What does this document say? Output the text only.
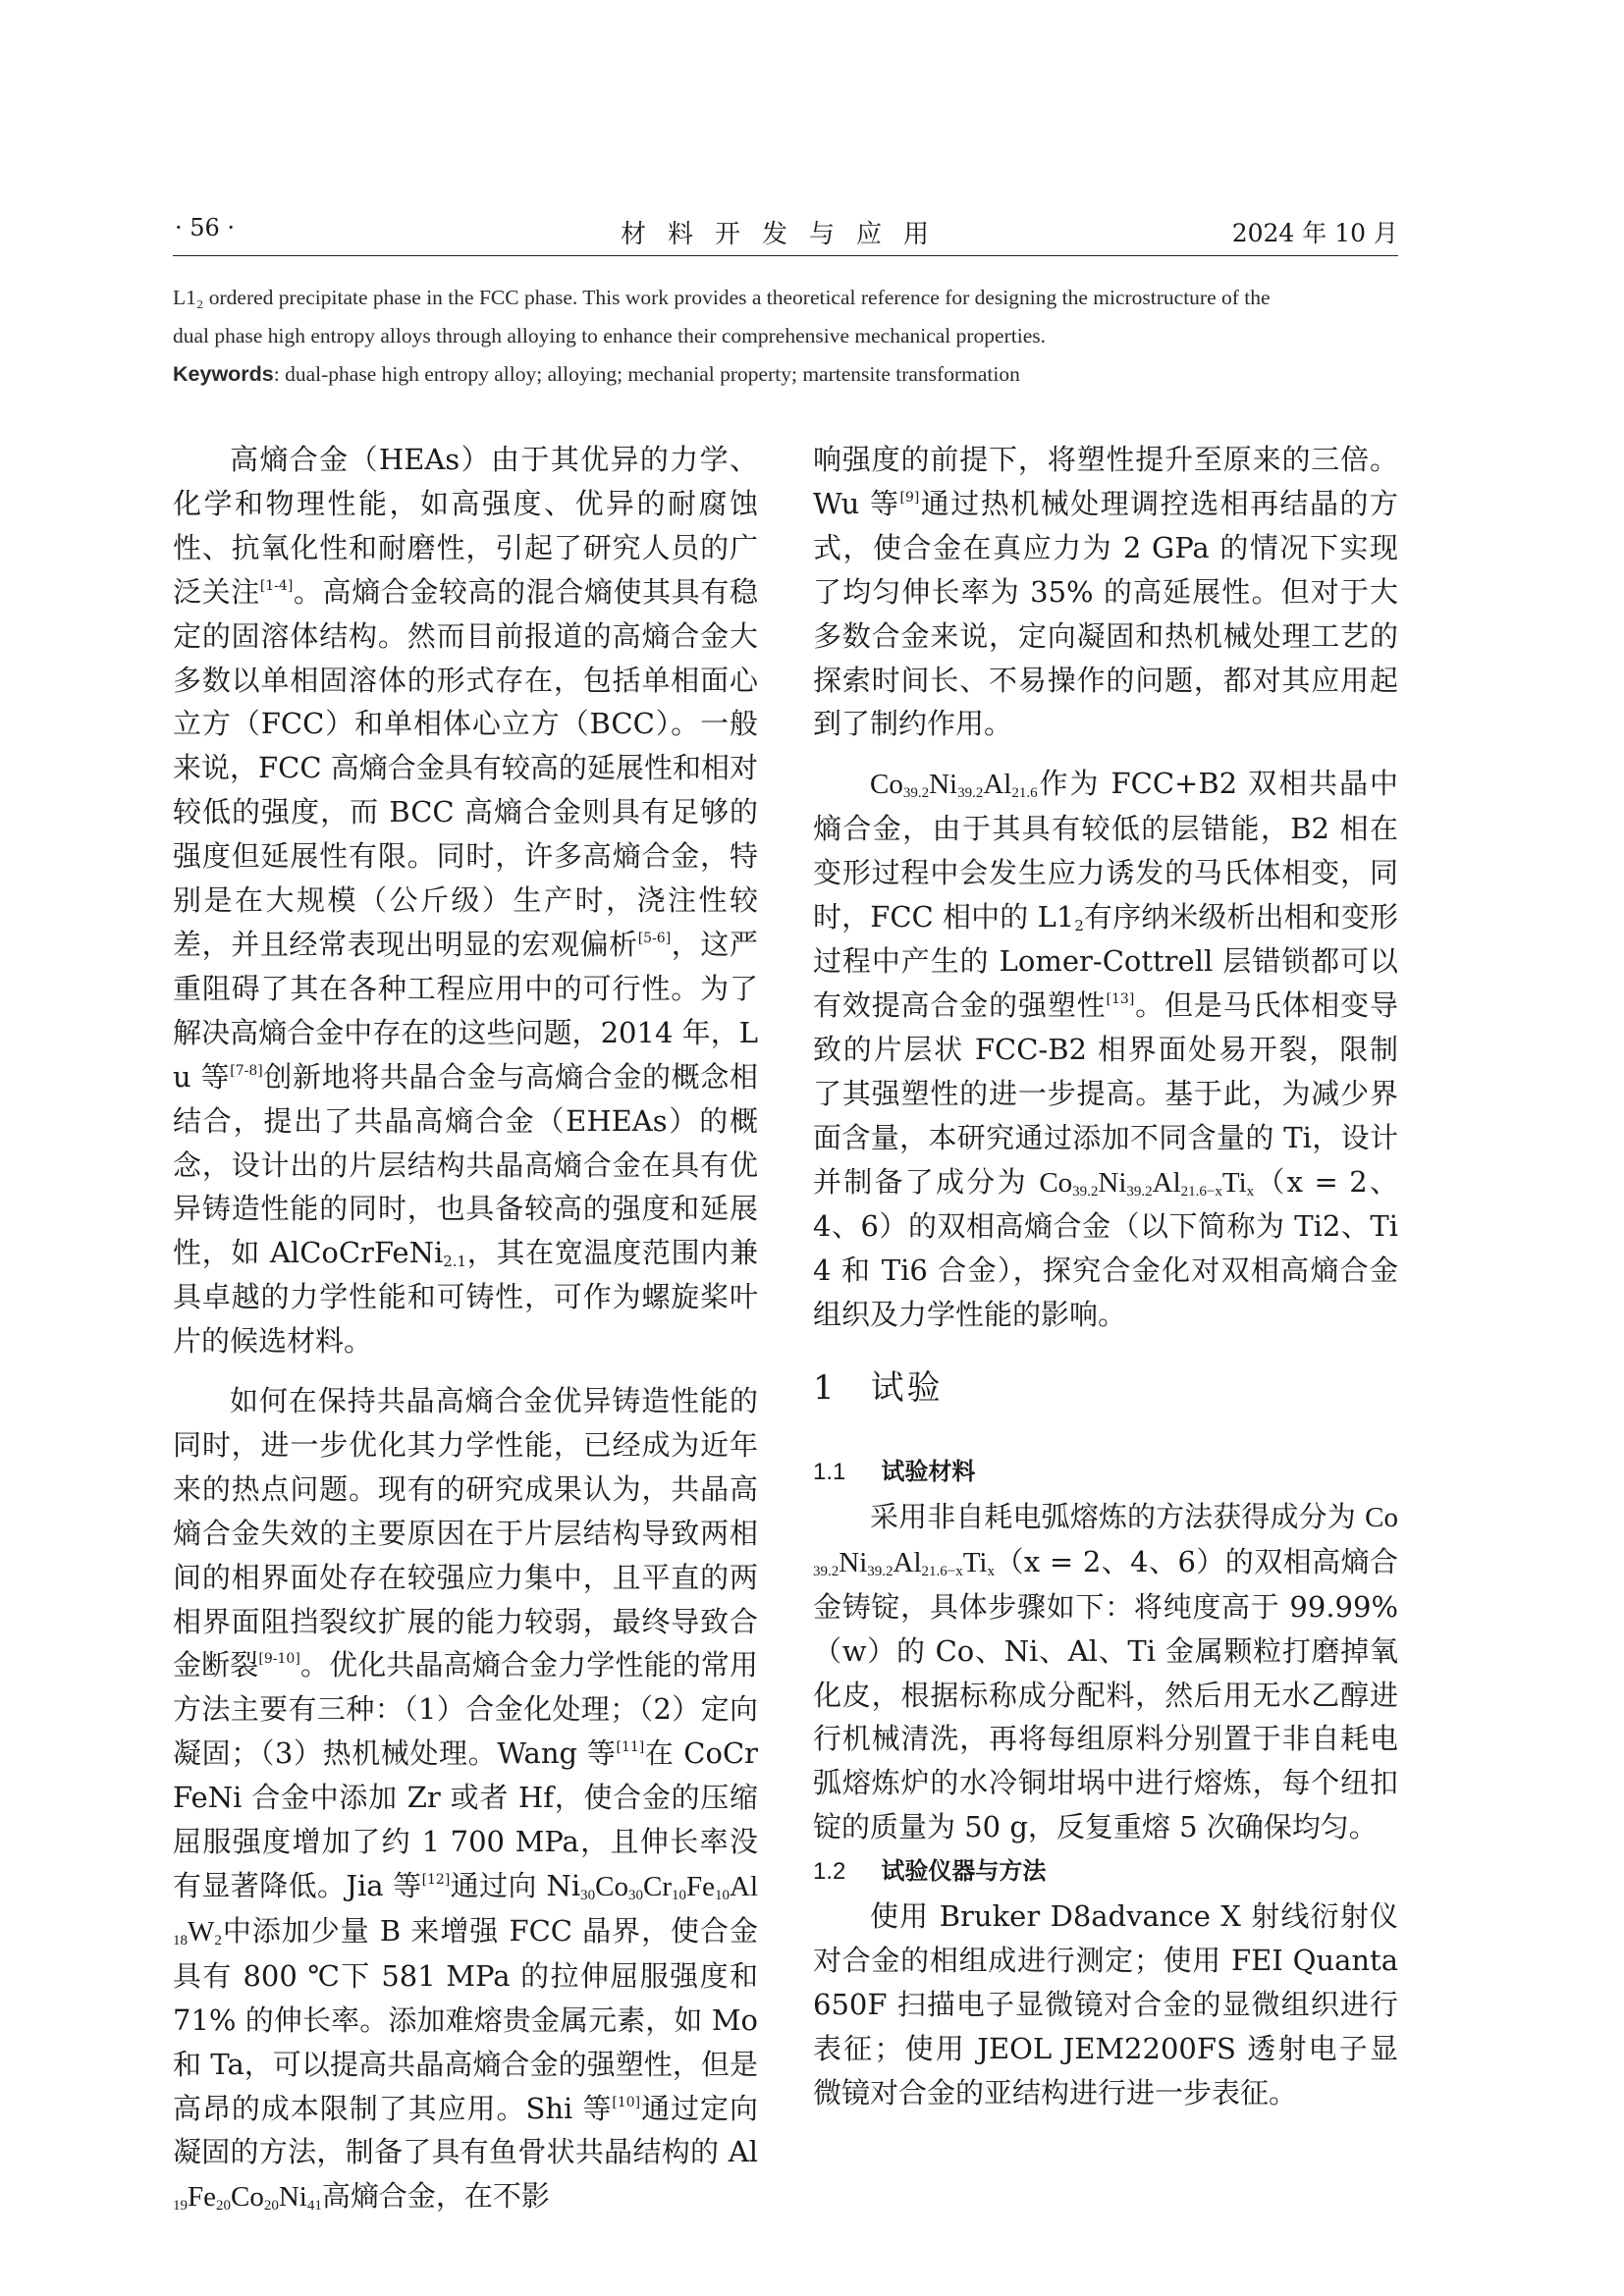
· 56 ·	材料开发与应用	2024 年 10 月

L1₂ ordered precipitate phase in the FCC phase. This work provides a theoretical reference for designing the microstructure of the

dual phase high entropy alloys through alloying to enhance their comprehensive mechanical properties.

Keywords: dual-phase high entropy alloy; alloying; mechanial property; martensite transformation

高熵合金（HEAs）由于其优异的力学、化学和物理性能，如高强度、优异的耐腐蚀性、抗氧化性和耐磨性，引起了研究人员的广泛关注[1-4]。高熵合金较高的混合熵使其具有稳定的固溶体结构。然而目前报道的高熵合金大多数以单相固溶体的形式存在，包括单相面心立方（FCC）和单相体心立方（BCC）。一般来说，FCC 高熵合金具有较高的延展性和相对较低的强度，而 BCC 高熵合金则具有足够的强度但延展性有限。同时，许多高熵合金，特别是在大规模（公斤级）生产时，浇注性较差，并且经常表现出明显的宏观偏析[5-6]，这严重阻碍了其在各种工程应用中的可行性。为了解决高熵合金中存在的这些问题，2014 年，Lu 等[7-8]创新地将共晶合金与高熵合金的概念相结合，提出了共晶高熵合金（EHEAs）的概念，设计出的片层结构共晶高熵合金在具有优异铸造性能的同时，也具备较高的强度和延展性，如 AlCoCrFeNi$_{2.1}$，其在宽温度范围内兼具卓越的力学性能和可铸性，可作为螺旋桨叶片的候选材料。

如何在保持共晶高熵合金优异铸造性能的同时，进一步优化其力学性能，已经成为近年来的热点问题。现有的研究成果认为，共晶高熵合金失效的主要原因在于片层结构导致两相间的相界面处存在较强应力集中，且平直的两相界面阻挡裂纹扩展的能力较弱，最终导致合金断裂[9-10]。优化共晶高熵合金力学性能的常用方法主要有三种：（1）合金化处理；（2）定向凝固；（3）热机械处理。Wang 等[11]在 CoCrFeNi 合金中添加 Zr 或者 Hf，使合金的压缩屈服强度增加了约 1 700 MPa，且伸长率没有显著降低。Jia 等[12]通过向 $Ni_{30}Co_{30}Cr_{10}Fe_{10}Al_{18}W_2$中添加少量 B 来增强 FCC 晶界，使合金具有 800 ℃下 581 MPa 的拉伸屈服强度和 71% 的伸长率。添加难熔贵金属元素，如 Mo 和 Ta，可以提高共晶高熵合金的强塑性，但是高昂的成本限制了其应用。Shi 等[10]通过定向凝固的方法，制备了具有鱼骨状共晶结构的 $Al_{19}Fe_{20}Co_{20}Ni_{41}$高熵合金，在不影

响强度的前提下，将塑性提升至原来的三倍。Wu 等[9]通过热机械处理调控选相再结晶的方式，使合金在真应力为 2 GPa 的情况下实现了均匀伸长率为 35% 的高延展性。但对于大多数合金来说，定向凝固和热机械处理工艺的探索时间长、不易操作的问题，都对其应用起到了制约作用。

$Co_{39.2}Ni_{39.2}Al_{21.6}$作为 FCC+B2 双相共晶中熵合金，由于其具有较低的层错能，B2 相在变形过程中会发生应力诱发的马氏体相变，同时，FCC 相中的 $L1_2$有序纳米级析出相和变形过程中产生的 Lomer-Cottrell 层错锁都可以有效提高合金的强塑性[13]。但是马氏体相变导致的片层状 FCC-B2 相界面处易开裂，限制了其强塑性的进一步提高。基于此，为减少界面含量，本研究通过添加不同含量的 Ti，设计并制备了成分为 $Co_{39.2}Ni_{39.2}Al_{21.6-x}Ti_x(x = 2$、4、6）的双相高熵合金（以下简称为 Ti2、Ti4 和 Ti6 合金），探究合金化对双相高熵合金组织及力学性能的影响。

1 试验

1.1 试验材料

采用非自耗电弧熔炼的方法获得成分为 $Co_{39.2}Ni_{39.2}Al_{21.6-x}Ti_x(x = 2$、4、6）的双相高熵合金铸锭，具体步骤如下：将纯度高于 99.99%（w）的 Co、Ni、Al、Ti 金属颗粒打磨掉氧化皮，根据标称成分配料，然后用无水乙醇进行机械清洗，再将每组原料分别置于非自耗电弧熔炼炉的水冷铜坩埚中进行熔炼，每个纽扣锭的质量为 50 g，反复重熔 5 次确保均匀。

1.2 试验仪器与方法

使用 Bruker D8advance X 射线衍射仪对合金的相组成进行测定；使用 FEI Quanta 650F 扫描电子显微镜对合金的显微组织进行表征；使用 JEOL JEM2200FS 透射电子显微镜对合金的亚结构进行进一步表征。
